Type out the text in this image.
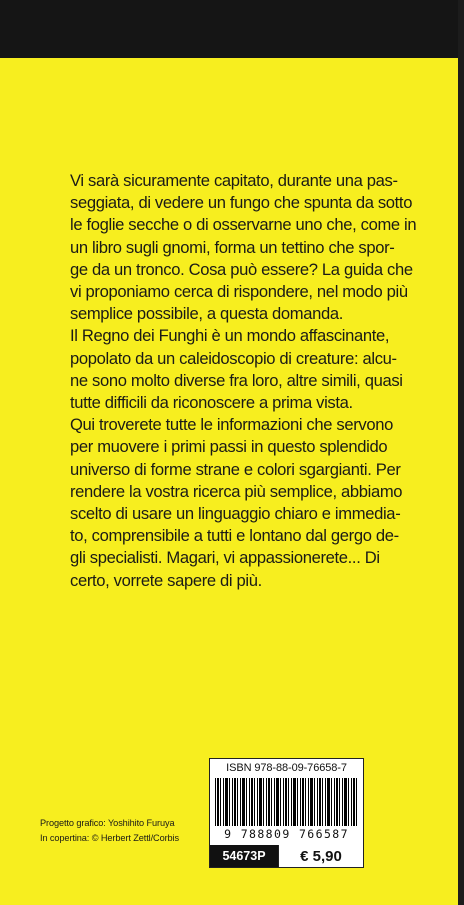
Vi sarà sicuramente capitato, durante una pas-
seggiata, di vedere un fungo che spunta da sotto
le foglie secche o di osservarne uno che, come in
un libro sugli gnomi, forma un tettino che spor-
ge da un tronco. Cosa può essere? La guida che
vi proponiamo cerca di rispondere, nel modo più
semplice possibile, a questa domanda.

Il Regno dei Funghi è un mondo affascinante,
popolato da un caleidoscopio di creature: alcu-
ne sono molto diverse fra loro, altre simili, quasi
tutte difficili da riconoscere a prima vista.

Qui troverete tutte le informazioni che servono
per muovere i primi passi in questo splendido
universo di forme strane e colori sgargianti. Per
rendere la vostra ricerca più semplice, abbiamo
scelto di usare un linguaggio chiaro e immedia-
to, comprensibile a tutti e lontano dal gergo de-
gli specialisti. Magari, vi appassionerete... Di
certo, vorrete sapere di più.

Progetto grafico: Yoshihito Furuya
In copertina: © Herbert Zettl/Corbis
ISBN 978-88-09-76658-7
9 788809 766587
54673P	€ 5,90
